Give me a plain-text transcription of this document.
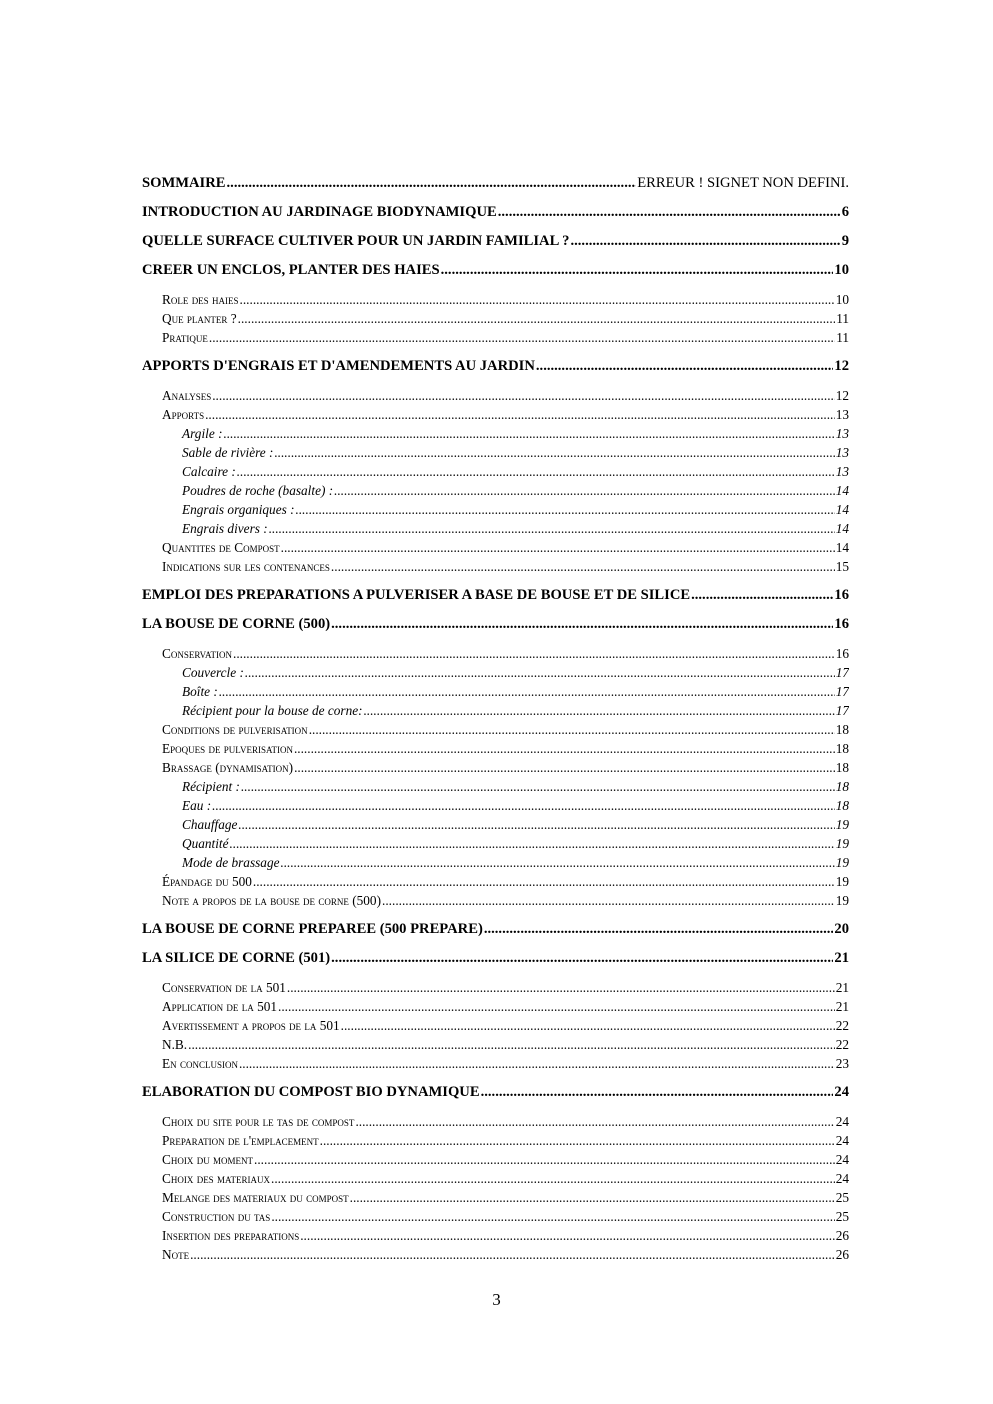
SOMMAIRE .....	ERREUR ! SIGNET NON DEFINI.
INTRODUCTION AU JARDINAGE BIODYNAMIQUE .....	6
QUELLE SURFACE CULTIVER POUR UN JARDIN FAMILIAL ? .....	9
CREER UN ENCLOS, PLANTER DES HAIES .....	10
Role des haies .....	10
Que planter ? .....	11
Pratique .....	11
APPORTS D'ENGRAIS ET D'AMENDEMENTS AU JARDIN .....	12
Analyses .....	12
Apports .....	13
Argile : .....	13
Sable de rivière : .....	13
Calcaire : .....	13
Poudres de roche (basalte) : .....	14
Engrais organiques : .....	14
Engrais divers : .....	14
Quantites de Compost .....	14
Indications sur les contenances .....	15
EMPLOI DES PREPARATIONS A PULVERISER A BASE DE BOUSE ET DE SILICE .....	16
LA BOUSE DE CORNE (500) .....	16
Conservation .....	16
Couvercle : .....	17
Boîte : .....	17
Récipient pour la bouse de corne: .....	17
Conditions de pulverisation .....	18
Epoques de pulverisation .....	18
Brassage (dynamisation) .....	18
Récipient : .....	18
Eau : .....	18
Chauffage .....	19
Quantité .....	19
Mode de brassage .....	19
Épandage du 500 .....	19
Note a propos de la bouse de corne (500) .....	19
LA BOUSE DE CORNE PREPAREE (500 PREPARE) .....	20
LA SILICE DE CORNE (501) .....	21
Conservation de la 501 .....	21
Application de la 501 .....	21
Avertissement a propos de la 501 .....	22
N.B. .....	22
En conclusion .....	23
ELABORATION DU COMPOST BIO DYNAMIQUE .....	24
Choix du site pour le tas de compost .....	24
Preparation de l'emplacement .....	24
Choix du moment .....	24
Choix des materiaux .....	24
Melange des materiaux du compost .....	25
Construction du tas .....	25
Insertion des preparations .....	26
Note .....	26
3
